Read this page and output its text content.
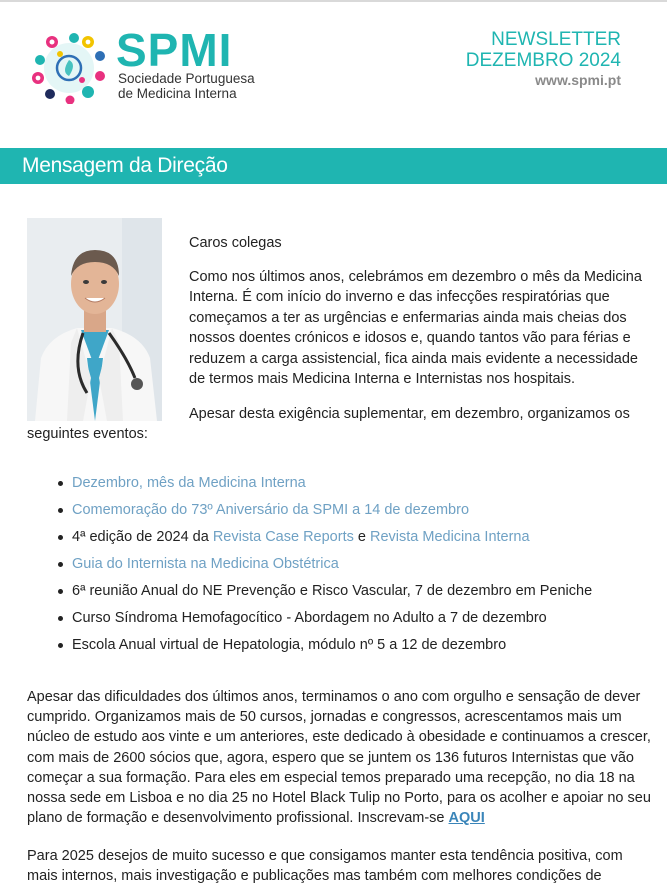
SPMI
Sociedade Portuguesa
de Medicina Interna
NEWSLETTER
DEZEMBRO 2024
www.spmi.pt
Mensagem da Direção
Caros colegas

Como nos últimos anos, celebrámos em dezembro o mês da Medicina Interna. É com início do inverno e das infecções respiratórias que começamos a ter as urgências e enfermarias ainda mais cheias dos nossos doentes crónicos e idosos e, quando tantos vão para férias e reduzem a carga assistencial, fica ainda mais evidente a necessidade de termos mais Medicina Interna e Internistas nos hospitais.

Apesar desta exigência suplementar, em dezembro, organizamos os seguintes eventos:

Dezembro, mês da Medicina Interna
Comemoração do 73º Aniversário da SPMI a 14 de dezembro
4ª edição de 2024 da Revista Case Reports e Revista Medicina Interna
Guia do Internista na Medicina Obstétrica
6ª reunião Anual do NE Prevenção e Risco Vascular, 7 de dezembro em Peniche
Curso Síndroma Hemofagocítico - Abordagem no Adulto a 7 de dezembro
Escola Anual virtual de Hepatologia, módulo nº 5 a 12 de dezembro

Apesar das dificuldades dos últimos anos, terminamos o ano com orgulho e sensação de dever cumprido. Organizamos mais de 50 cursos, jornadas e congressos, acrescentamos mais um núcleo de estudo aos vinte e um anteriores, este dedicado à obesidade e continuamos a crescer, com mais de 2600 sócios que, agora, espero que se juntem os 136 futuros Internistas que vão começar a sua formação. Para eles em especial temos preparado uma recepção, no dia 18 na nossa sede em Lisboa e no dia 25 no Hotel Black Tulip no Porto, para os acolher e apoiar no seu plano de formação e desenvolvimento profissional. Inscrevam-se AQUI

Para 2025 desejos de muito sucesso e que consigamos manter esta tendência positiva, com mais internos, mais investigação e publicações mas também com melhores condições de
